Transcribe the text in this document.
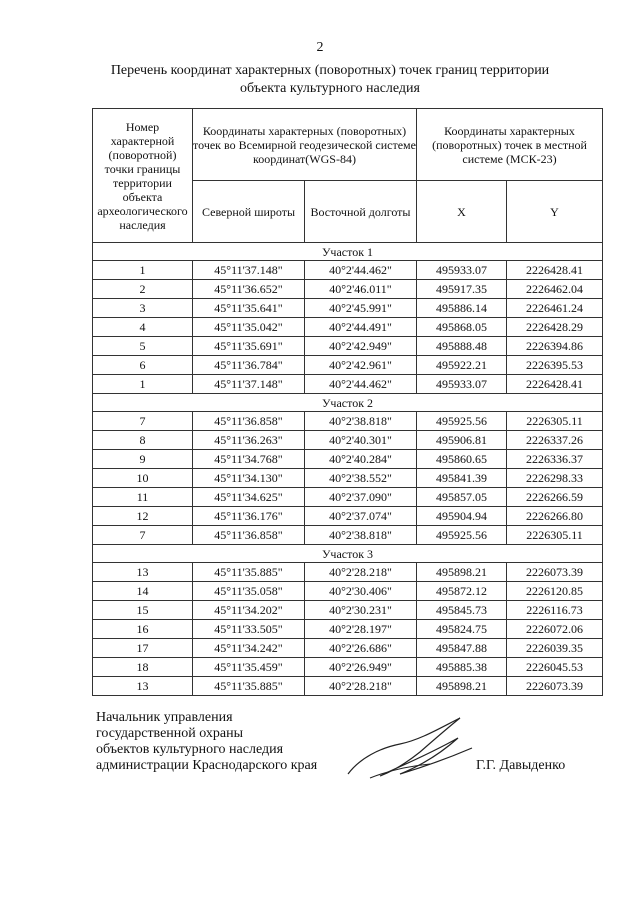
2
Перечень координат характерных (поворотных) точек границ территории
объекта культурного наследия
Номер характерной (поворотной) точки границы территории объекта археологического наследия	Координаты характерных (поворотных) точек во Всемирной геодезической системе координат(WGS-84)		Координаты характерных (поворотных) точек в местной системе (МСК-23)	
	Северной широты	Восточной долготы	X	Y
Участок 1				
1	45°11'37.148"	40°2'44.462"	495933.07	2226428.41
2	45°11'36.652"	40°2'46.011"	495917.35	2226462.04
3	45°11'35.641"	40°2'45.991"	495886.14	2226461.24
4	45°11'35.042"	40°2'44.491"	495868.05	2226428.29
5	45°11'35.691"	40°2'42.949"	495888.48	2226394.86
6	45°11'36.784"	40°2'42.961"	495922.21	2226395.53
1	45°11'37.148"	40°2'44.462"	495933.07	2226428.41
Участок 2				
7	45°11'36.858"	40°2'38.818"	495925.56	2226305.11
8	45°11'36.263"	40°2'40.301"	495906.81	2226337.26
9	45°11'34.768"	40°2'40.284"	495860.65	2226336.37
10	45°11'34.130"	40°2'38.552"	495841.39	2226298.33
11	45°11'34.625"	40°2'37.090"	495857.05	2226266.59
12	45°11'36.176"	40°2'37.074"	495904.94	2226266.80
7	45°11'36.858"	40°2'38.818"	495925.56	2226305.11
Участок 3				
13	45°11'35.885"	40°2'28.218"	495898.21	2226073.39
14	45°11'35.058"	40°2'30.406"	495872.12	2226120.85
15	45°11'34.202"	40°2'30.231"	495845.73	2226116.73
16	45°11'33.505"	40°2'28.197"	495824.75	2226072.06
17	45°11'34.242"	40°2'26.686"	495847.88	2226039.35
18	45°11'35.459"	40°2'26.949"	495885.38	2226045.53
13	45°11'35.885"	40°2'28.218"	495898.21	2226073.39
Начальник управления
государственной охраны
объектов культурного наследия
администрации Краснодарского края	Г.Г. Давыденко
